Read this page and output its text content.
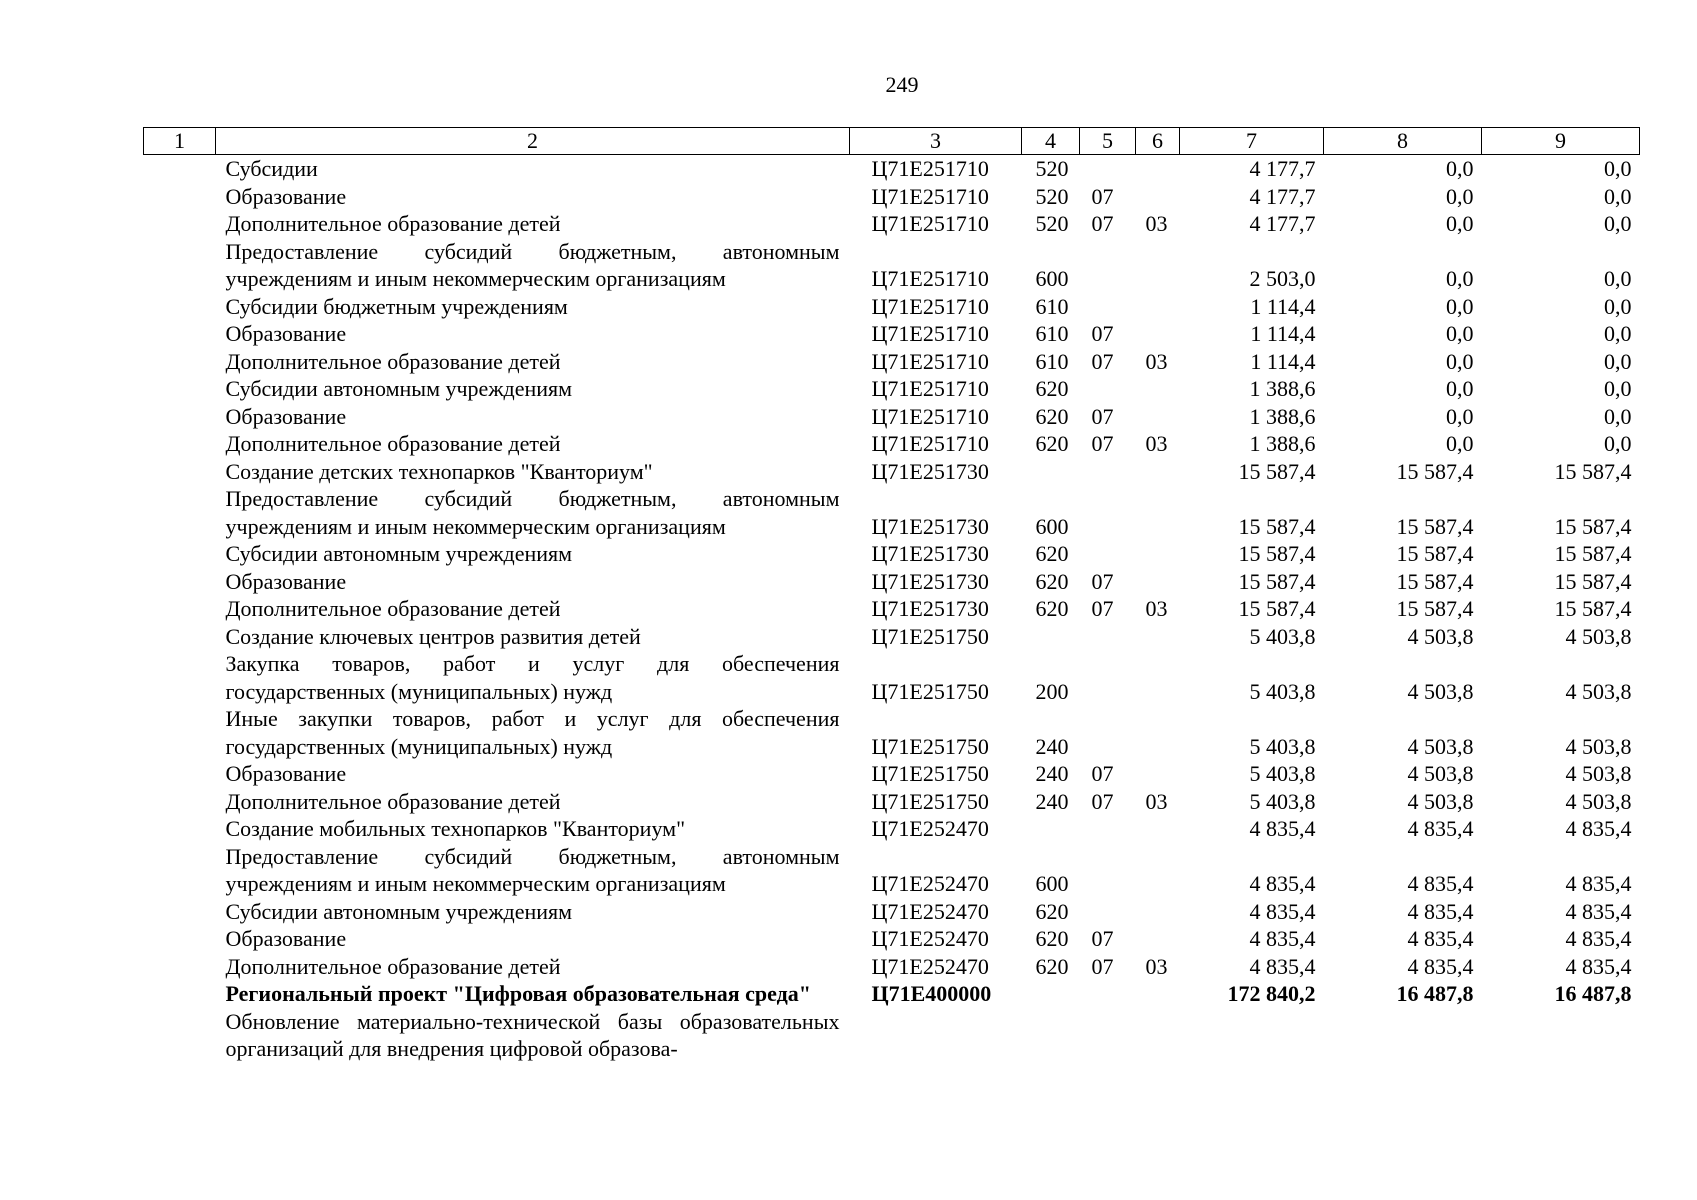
249
1	2	3	4	5	6	7	8	9
	Субсидии	Ц71Е251710	520			4 177,7	0,0	0,0
	Образование	Ц71Е251710	520	07		4 177,7	0,0	0,0
	Дополнительное образование детей	Ц71Е251710	520	07	03	4 177,7	0,0	0,0
	Предоставление субсидий бюджетным, автономным учреждениям и иным некоммерческим организациям	Ц71Е251710	600			2 503,0	0,0	0,0
	Субсидии бюджетным учреждениям	Ц71Е251710	610			1 114,4	0,0	0,0
	Образование	Ц71Е251710	610	07		1 114,4	0,0	0,0
	Дополнительное образование детей	Ц71Е251710	610	07	03	1 114,4	0,0	0,0
	Субсидии автономным учреждениям	Ц71Е251710	620			1 388,6	0,0	0,0
	Образование	Ц71Е251710	620	07		1 388,6	0,0	0,0
	Дополнительное образование детей	Ц71Е251710	620	07	03	1 388,6	0,0	0,0
	Создание детских технопарков "Кванториум"	Ц71Е251730				15 587,4	15 587,4	15 587,4
	Предоставление субсидий бюджетным, автономным учреждениям и иным некоммерческим организациям	Ц71Е251730	600			15 587,4	15 587,4	15 587,4
	Субсидии автономным учреждениям	Ц71Е251730	620			15 587,4	15 587,4	15 587,4
	Образование	Ц71Е251730	620	07		15 587,4	15 587,4	15 587,4
	Дополнительное образование детей	Ц71Е251730	620	07	03	15 587,4	15 587,4	15 587,4
	Создание ключевых центров развития детей	Ц71Е251750				5 403,8	4 503,8	4 503,8
	Закупка товаров, работ и услуг для обеспечения государственных (муниципальных) нужд	Ц71Е251750	200			5 403,8	4 503,8	4 503,8
	Иные закупки товаров, работ и услуг для обеспечения государственных (муниципальных) нужд	Ц71Е251750	240			5 403,8	4 503,8	4 503,8
	Образование	Ц71Е251750	240	07		5 403,8	4 503,8	4 503,8
	Дополнительное образование детей	Ц71Е251750	240	07	03	5 403,8	4 503,8	4 503,8
	Создание мобильных технопарков "Кванториум"	Ц71Е252470				4 835,4	4 835,4	4 835,4
	Предоставление субсидий бюджетным, автономным учреждениям и иным некоммерческим организациям	Ц71Е252470	600			4 835,4	4 835,4	4 835,4
	Субсидии автономным учреждениям	Ц71Е252470	620			4 835,4	4 835,4	4 835,4
	Образование	Ц71Е252470	620	07		4 835,4	4 835,4	4 835,4
	Дополнительное образование детей	Ц71Е252470	620	07	03	4 835,4	4 835,4	4 835,4
	Региональный проект "Цифровая образовательная среда"	Ц71Е400000				172 840,2	16 487,8	16 487,8
	Обновление материально-технической базы образовательных организаций для внедрения цифровой образова-							
